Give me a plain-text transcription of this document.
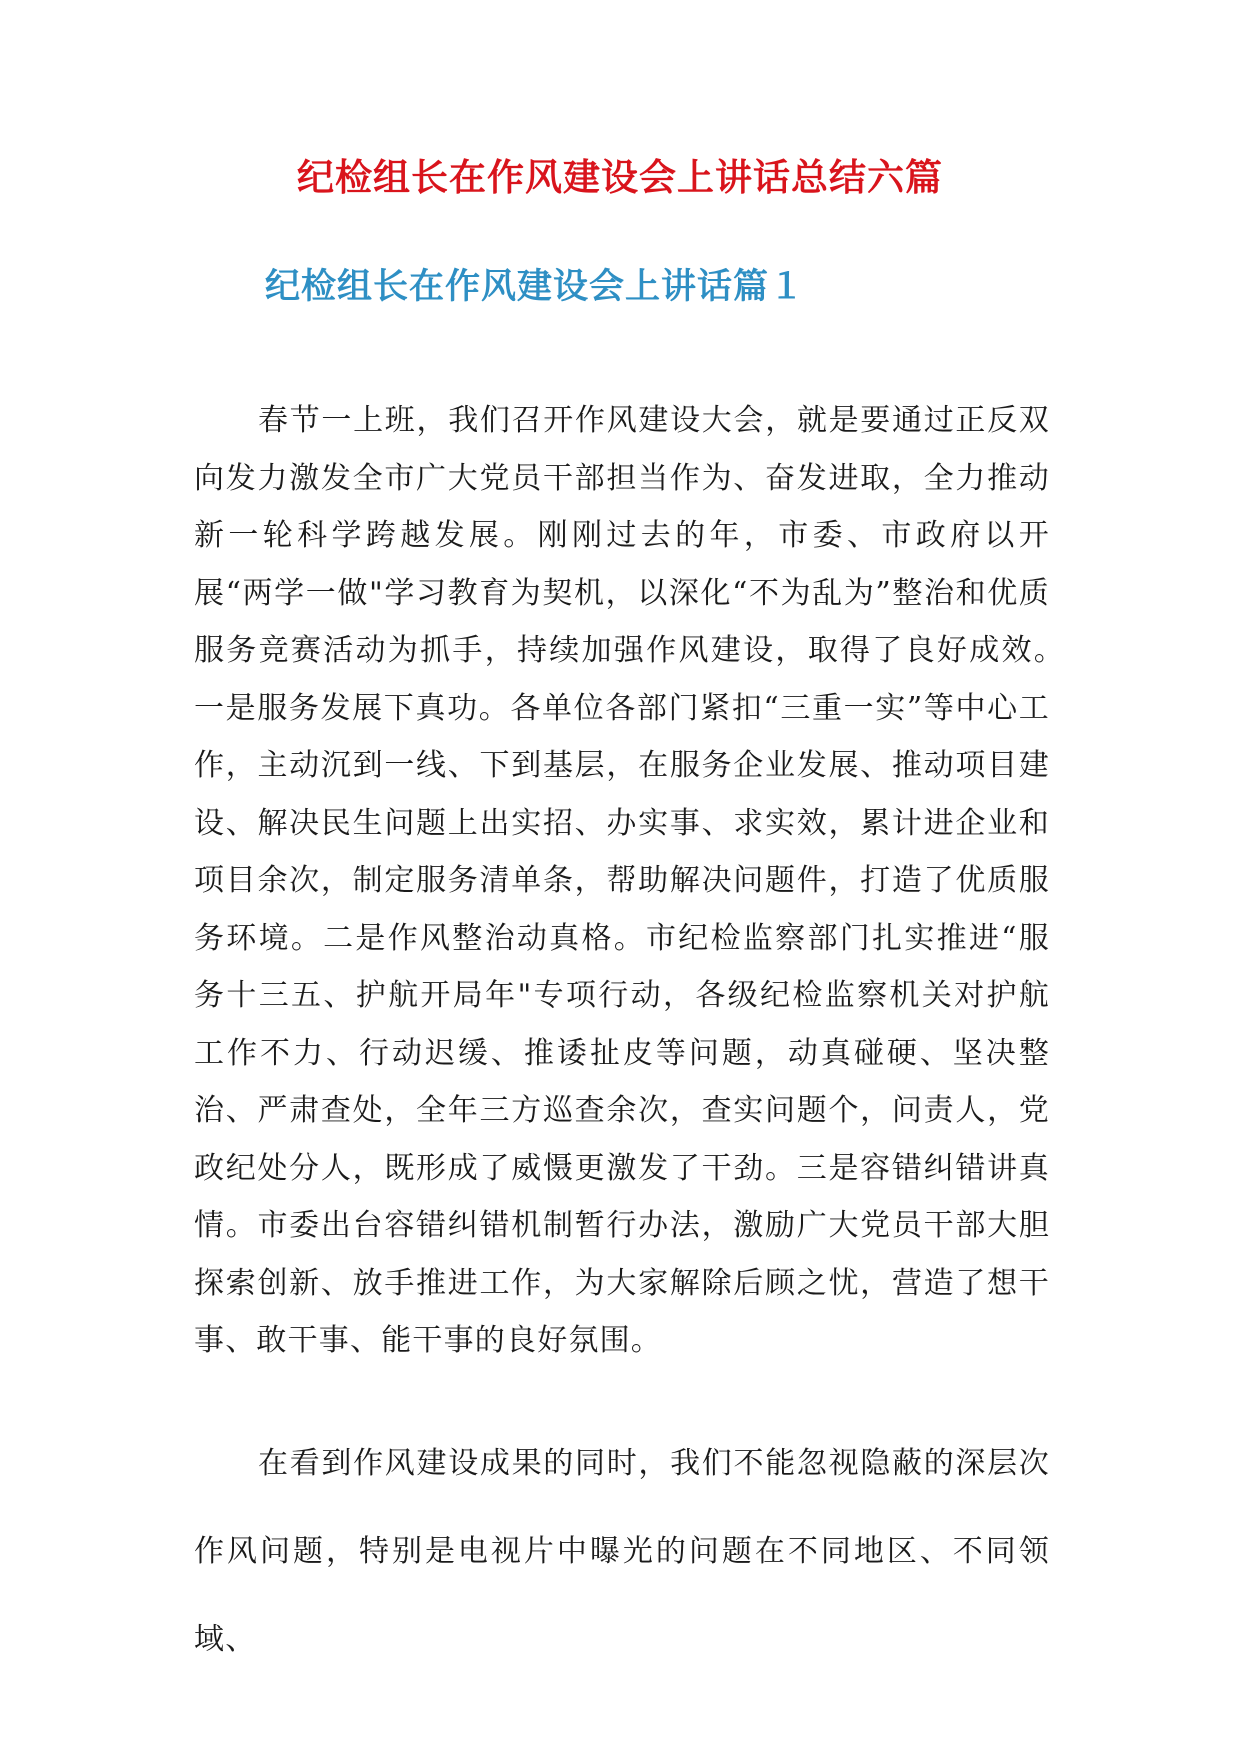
纪检组长在作风建设会上讲话总结六篇
纪检组长在作风建设会上讲话篇１

春节一上班，我们召开作风建设大会，就是要通过正反双向发力激发全市广大党员干部担当作为、奋发进取，全力推动新一轮科学跨越发展。刚刚过去的年，市委、市政府以开展“两学一做"学习教育为契机，以深化“不为乱为”整治和优质服务竞赛活动为抓手，持续加强作风建设，取得了良好成效。　一是服务发展下真功。各单位各部门紧扣“三重一实”等中心工作，主动沉到一线、下到基层，在服务企业发展、推动项目建设、解决民生问题上出实招、办实事、求实效，累计进企业和项目余次，制定服务清单条，帮助解决问题件，打造了优质服务环境。二是作风整治动真格。市纪检监察部门扎实推进“服务十三五、护航开局年"专项行动，各级纪检监察机关对护航工作不力、行动迟缓、推诿扯皮等问题，动真碰硬、坚决整治、严肃查处，全年三方巡查余次，查实问题个，问责人，党政纪处分人，既形成了威慑更激发了干劲。三是容错纠错讲真情。市委出台容错纠错机制暂行办法，激励广大党员干部大胆探索创新、放手推进工作，为大家解除后顾之忧，营造了想干事、敢干事、能干事的良好氛围。

在看到作风建设成果的同时，我们不能忽视隐蔽的深层次作风问题，特别是电视片中曝光的问题在不同地区、不同领域、
